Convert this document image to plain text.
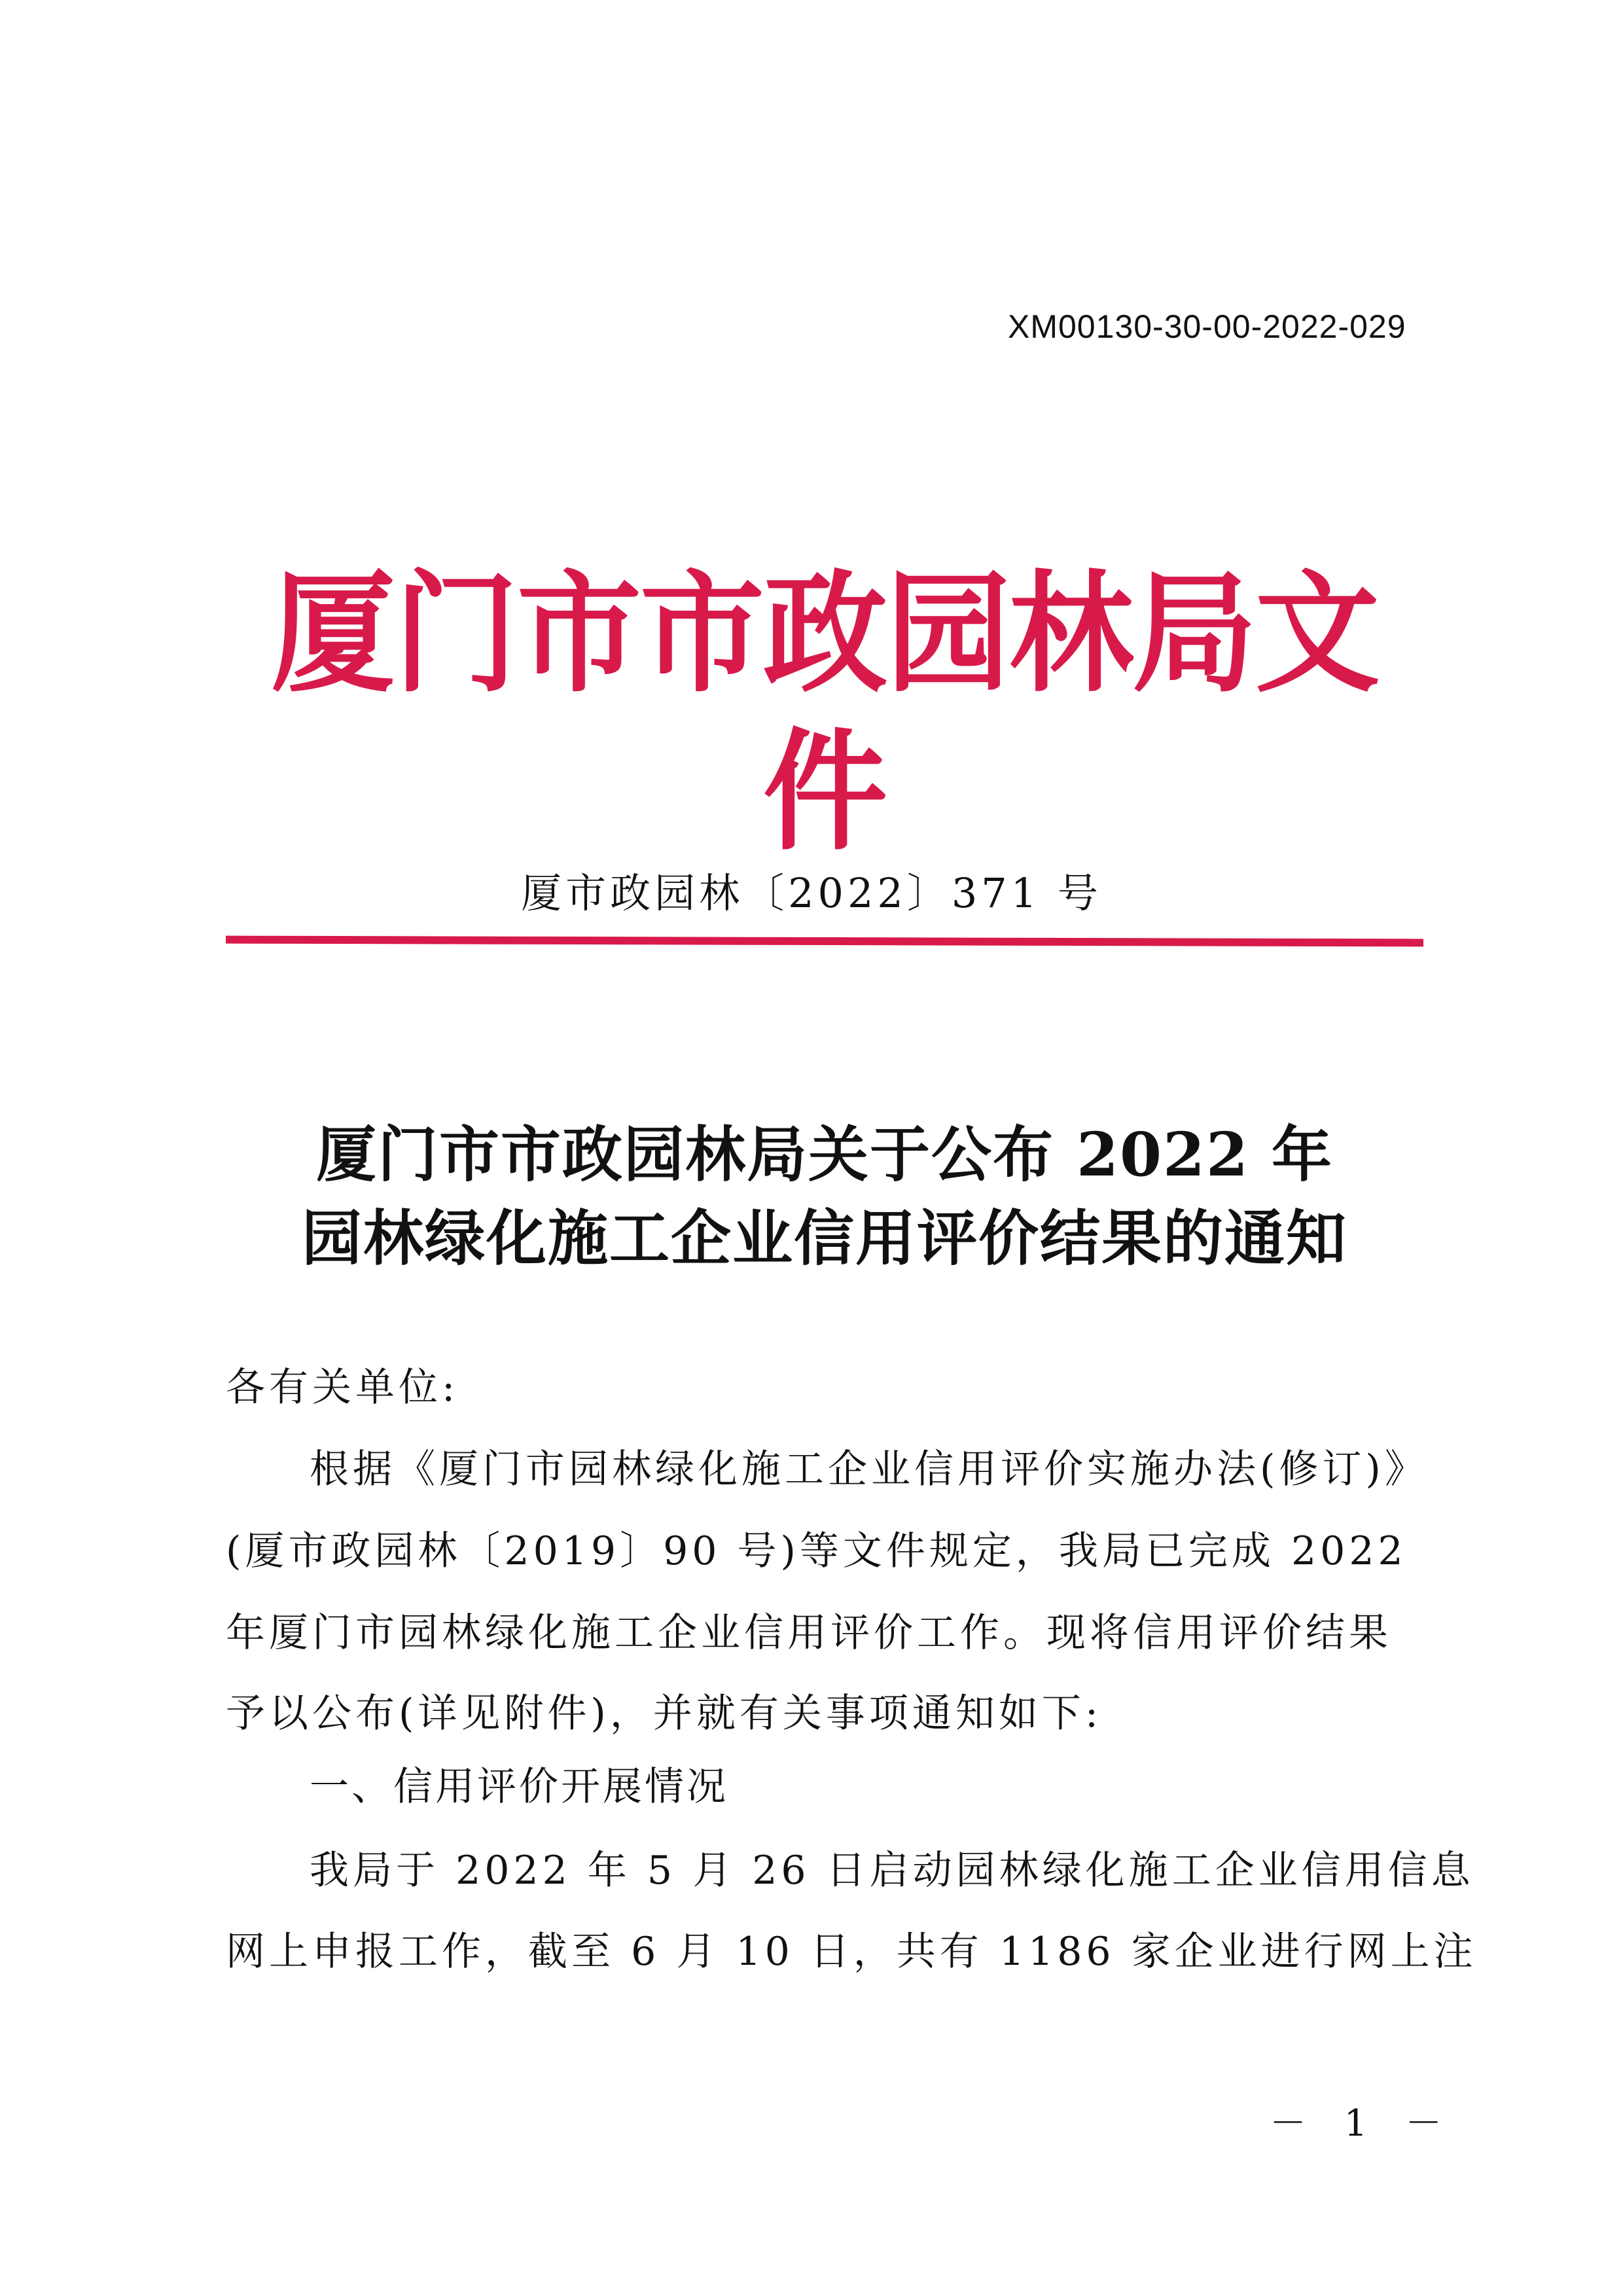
XM00130-30-00-2022-029
厦门市市政园林局文件
厦市政园林〔2022〕371 号
厦门市市政园林局关于公布 2022 年
园林绿化施工企业信用评价结果的通知
各有关单位:
根据《厦门市园林绿化施工企业信用评价实施办法(修订)》
(厦市政园林〔2019〕90 号)等文件规定，我局已完成 2022
年厦门市园林绿化施工企业信用评价工作。现将信用评价结果
予以公布(详见附件)，并就有关事项通知如下:
一、信用评价开展情况
我局于 2022 年 5 月 26 日启动园林绿化施工企业信用信息
网上申报工作，截至 6 月 10 日，共有 1186 家企业进行网上注
－ 1 －
